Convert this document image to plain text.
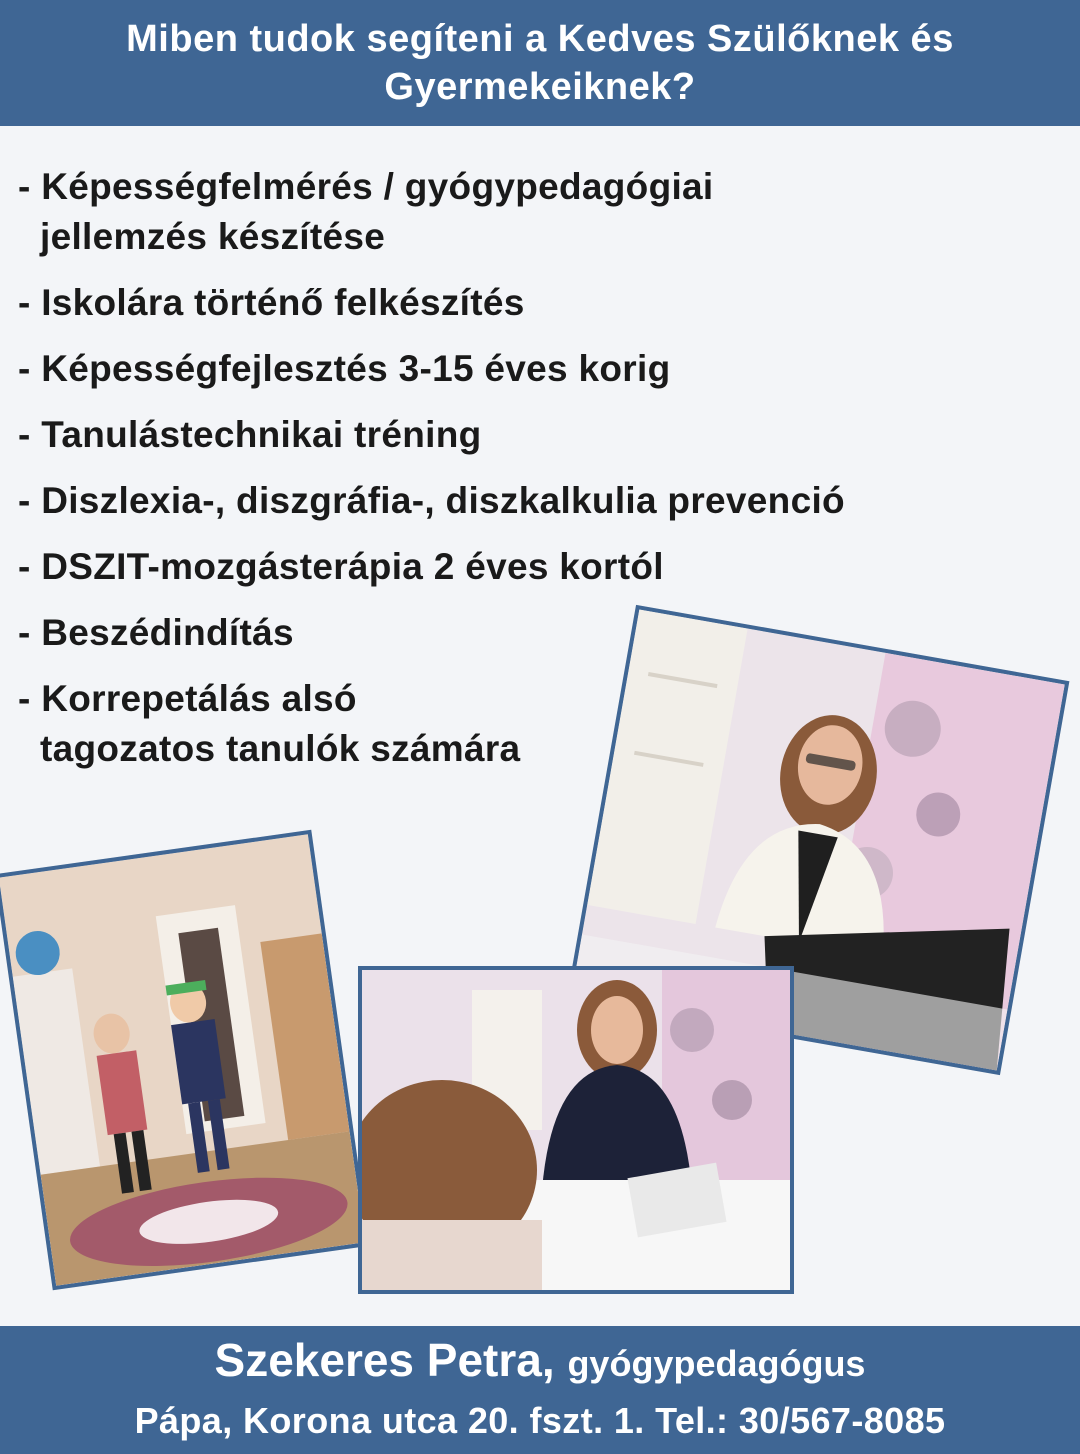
Miben tudok segíteni a Kedves Szülőknek és
Gyermekeiknek?
- Képességfelmérés / gyógypedagógiai
jellemzés készítése
- Iskolára történő felkészítés
- Képességfejlesztés 3-15 éves korig
- Tanulástechnikai tréning
- Diszlexia-, diszgráfia-, diszkalkulia prevenció
- DSZIT-mozgásterápia 2 éves kortól
- Beszédindítás
- Korrepetálás alsó
tagozatos tanulók számára
Szekeres Petra, gyógypedagógus
Pápa, Korona utca 20. fszt. 1. Tel.: 30/567-8085
